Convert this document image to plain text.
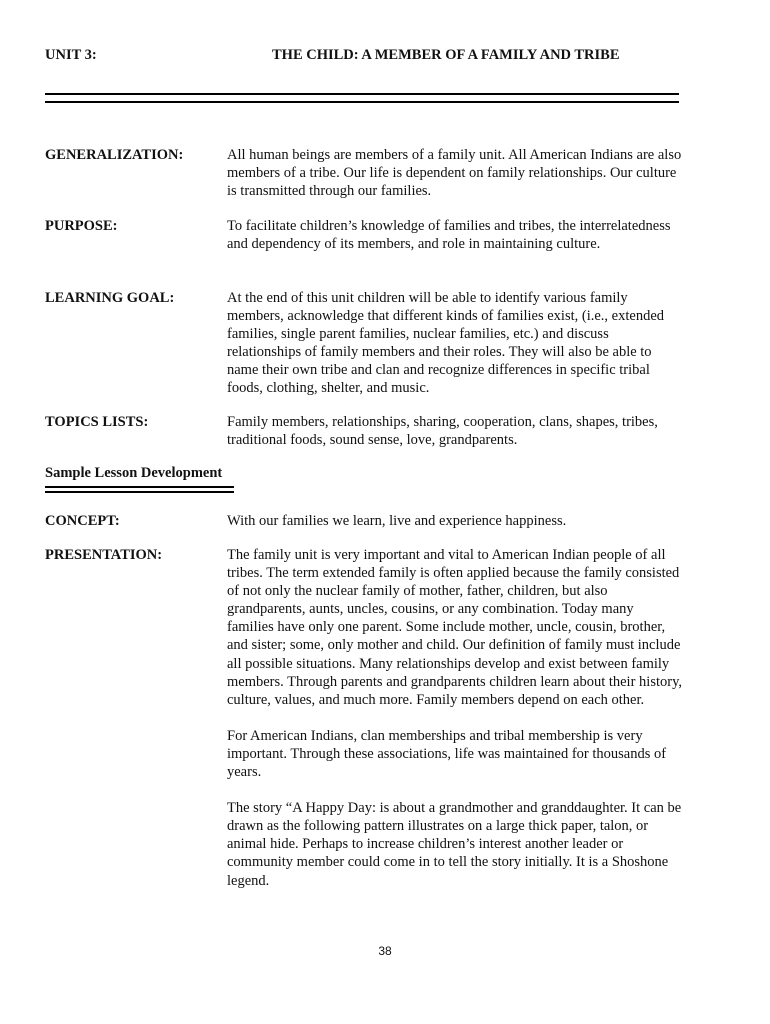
UNIT 3:	THE CHILD: A MEMBER OF A FAMILY AND TRIBE
GENERALIZATION:	All human beings are members of a family unit. All American Indians are also members of a tribe. Our life is dependent on family relationships. Our culture is transmitted through our families.
PURPOSE:	To facilitate children’s knowledge of families and tribes, the interrelatedness and dependency of its members, and role in maintaining culture.
LEARNING GOAL:	At the end of this unit children will be able to identify various family members, acknowledge that different kinds of families exist, (i.e., extended families, single parent families, nuclear families, etc.) and discuss relationships of family members and their roles. They will also be able to name their own tribe and clan and recognize differences in specific tribal foods, clothing, shelter, and music.
TOPICS LISTS:	Family members, relationships, sharing, cooperation, clans, shapes, tribes, traditional foods, sound sense, love, grandparents.
Sample Lesson Development
CONCEPT:	With our families we learn, live and experience happiness.
PRESENTATION:	The family unit is very important and vital to American Indian people of all tribes. The term extended family is often applied because the family consisted of not only the nuclear family of mother, father, children, but also grandparents, aunts, uncles, cousins, or any combination. Today many families have only one parent. Some include mother, uncle, cousin, brother, and sister; some, only mother and child. Our definition of family must include all possible situations. Many relationships develop and exist between family members. Through parents and grandparents children learn about their history, culture, values, and much more. Family members depend on each other.

For American Indians, clan memberships and tribal membership is very important. Through these associations, life was maintained for thousands of years.

The story “A Happy Day: is about a grandmother and granddaughter. It can be drawn as the following pattern illustrates on a large thick paper, talon, or animal hide. Perhaps to increase children’s interest another leader or community member could come in to tell the story initially. It is a Shoshone legend.

38
